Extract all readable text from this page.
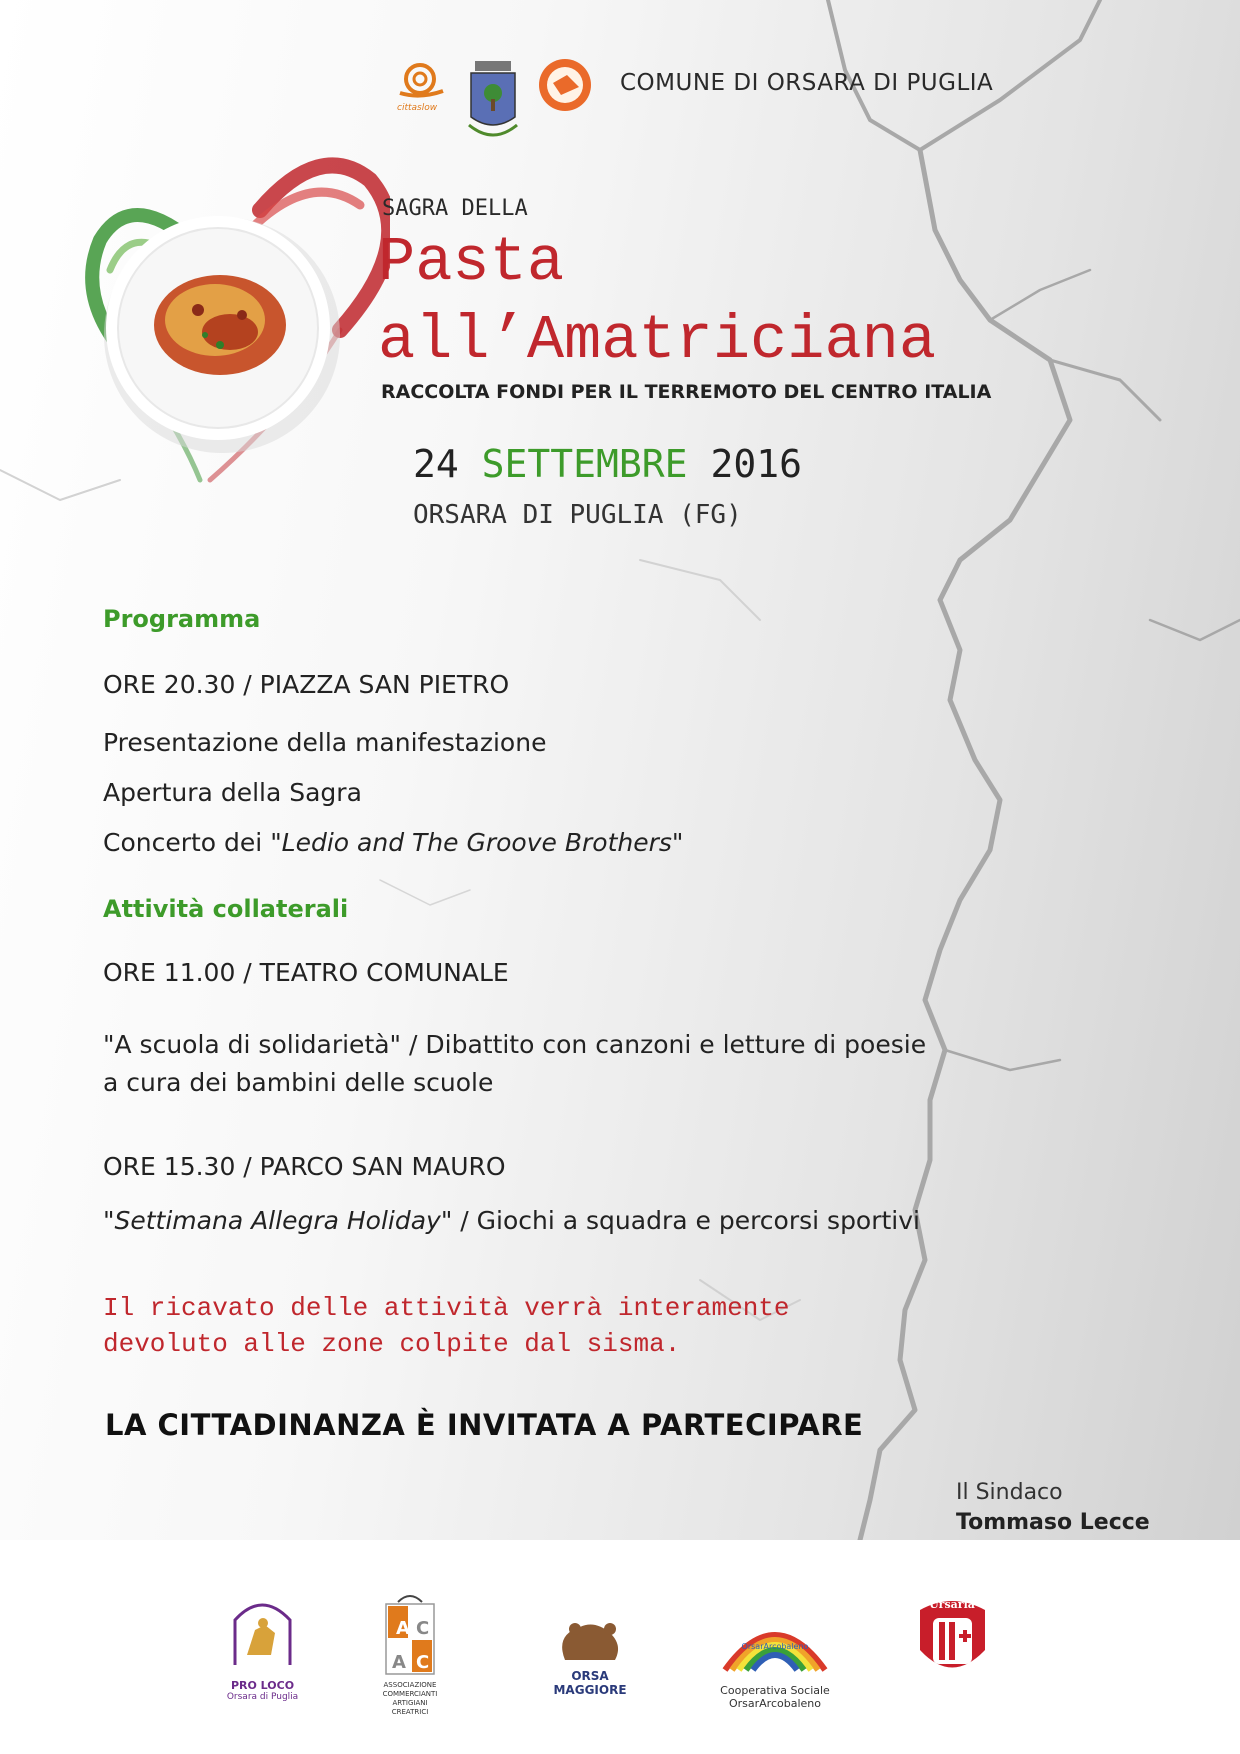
cittaslow
COMUNE DI ORSARA DI PUGLIA
SAGRA DELLA
Pasta
all’Amatriciana
RACCOLTA FONDI PER IL TERREMOTO DEL CENTRO ITALIA
24 SETTEMBRE 2016
ORSARA DI PUGLIA (FG)
Programma
ORE 20.30 / PIAZZA SAN PIETRO
Presentazione della manifestazione
Apertura della Sagra
Concerto dei "Ledio and The Groove Brothers"
Attività collaterali
ORE 11.00 / TEATRO COMUNALE
"A scuola di solidarietà" / Dibattito con canzoni e letture di poesie
a cura dei bambini delle scuole
ORE 15.30 / PARCO SAN MAURO
"Settimana Allegra Holiday" / Giochi a squadra e percorsi sportivi
Il ricavato delle attività verrà interamente
devoluto alle zone colpite dal sisma.
LA CITTADINANZA È INVITATA A PARTECIPARE
Il Sindaco
Tommaso Lecce
PRO LOCO
Orsara di Puglia
A C
A C
ASSOCIAZIONE COMMERCIANTI ARTIGIANI CREATRICI
ORSA MAGGIORE
OrsarArcobaleno
Cooperativa Sociale
OrsarArcobaleno
Ursaria
